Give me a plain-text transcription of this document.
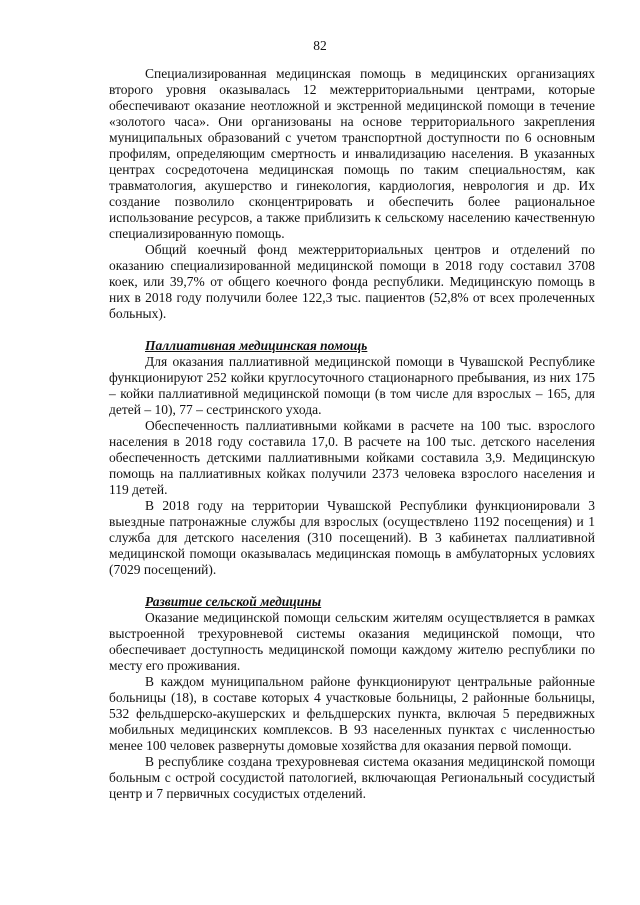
82

Специализированная медицинская помощь в медицинских организациях второго уровня оказывалась 12 межтерриториальными центрами, которые обеспечивают оказание неотложной и экстренной медицинской помощи в течение «золотого часа». Они организованы на основе территориального закрепления муниципальных образований с учетом транспортной доступности по 6 основным профилям, определяющим смертность и инвалидизацию населения. В указанных центрах сосредоточена медицинская помощь по таким специальностям, как травматология, акушерство и гинекология, кардиология, неврология и др. Их создание позволило сконцентрировать и обеспечить более рациональное использование ресурсов, а также приблизить к сельскому населению качественную специализированную помощь.

Общий коечный фонд межтерриториальных центров и отделений по оказанию специализированной медицинской помощи в 2018 году составил 3708 коек, или 39,7% от общего коечного фонда республики. Медицинскую помощь в них в 2018 году получили более 122,3 тыс. пациентов (52,8% от всех пролеченных больных).

Паллиативная медицинская помощь

Для оказания паллиативной медицинской помощи в Чувашской Республике функционируют 252 койки круглосуточного стационарного пребывания, из них 175 – койки паллиативной медицинской помощи (в том числе для взрослых – 165, для детей – 10), 77 – сестринского ухода.

Обеспеченность паллиативными койками в расчете на 100 тыс. взрослого населения в 2018 году составила 17,0. В расчете на 100 тыс. детского населения обеспеченность детскими паллиативными койками составила 3,9. Медицинскую помощь на паллиативных койках получили 2373 человека взрослого населения и 119 детей.

В 2018 году на территории Чувашской Республики функционировали 3 выездные патронажные службы для взрослых (осуществлено 1192 посещения) и 1 служба для детского населения (310 посещений). В 3 кабинетах паллиативной медицинской помощи оказывалась медицинская помощь в амбулаторных условиях (7029 посещений).

Развитие сельской медицины

Оказание медицинской помощи сельским жителям осуществляется в рамках выстроенной трехуровневой системы оказания медицинской помощи, что обеспечивает доступность медицинской помощи каждому жителю республики по месту его проживания.

В каждом муниципальном районе функционируют центральные районные больницы (18), в составе которых 4 участковые больницы, 2 районные больницы, 532 фельдшерско-акушерских и фельдшерских пункта, включая 5 передвижных мобильных медицинских комплексов. В 93 населенных пунктах с численностью менее 100 человек развернуты домовые хозяйства для оказания первой помощи.

В республике создана трехуровневая система оказания медицинской помощи больным с острой сосудистой патологией, включающая Региональный сосудистый центр и 7 первичных сосудистых отделений.
